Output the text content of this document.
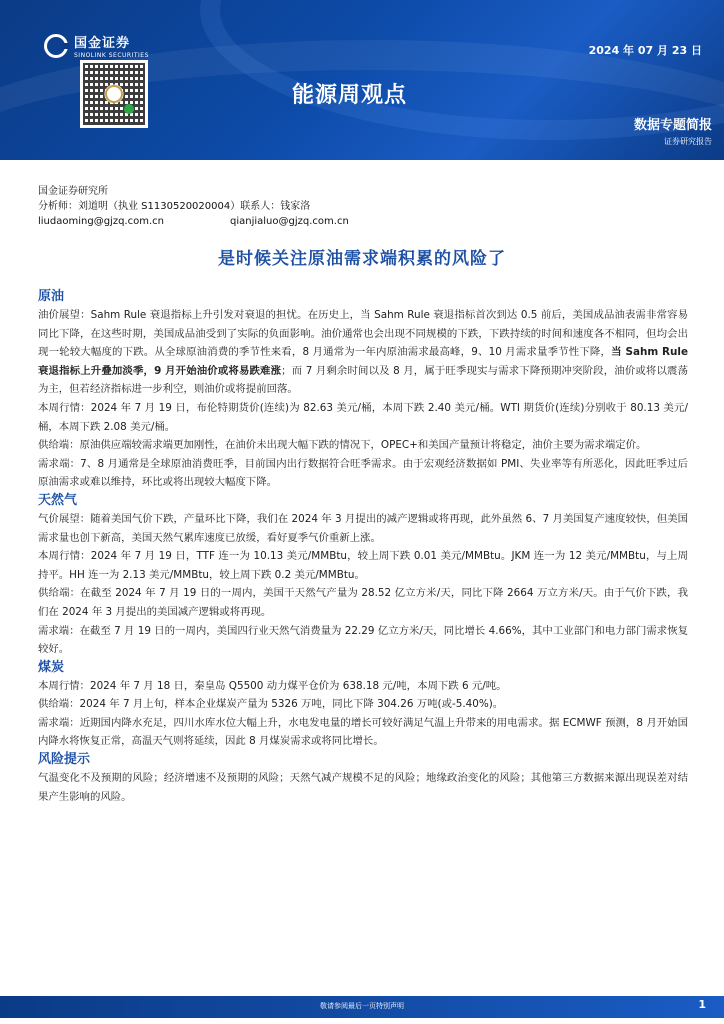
国金证券
SINOLINK SECURITIES	2024 年 07 月 23 日
能源周观点
数据专题简报
证券研究报告
国金证券研究所
分析师：刘道明（执业 S1130520020004）联系人：钱家洛
liudaoming@gjzq.com.cn	qianjialuo@gjzq.com.cn
是时候关注原油需求端积累的风险了
原油

油价展望：Sahm Rule 衰退指标上升引发对衰退的担忧。在历史上，当 Sahm Rule 衰退指标首次到达 0.5 前后，美国成品油表需非常容易同比下降，在这些时期，美国成品油受到了实际的负面影响。油价通常也会出现不同规模的下跌，下跌持续的时间和速度各不相同，但均会出现一轮较大幅度的下跌。从全球原油消费的季节性来看，8 月通常为一年内原油需求最高峰，9、10 月需求量季节性下降，当 Sahm Rule 衰退指标上升叠加淡季，9 月开始油价或将易跌难涨；而 7 月剩余时间以及 8 月，属于旺季现实与需求下降预期冲突阶段，油价或将以震荡为主，但若经济指标进一步利空，则油价或将提前回落。

本周行情：2024 年 7 月 19 日，布伦特期货价(连续)为 82.63 美元/桶，本周下跌 2.40 美元/桶。WTI 期货价(连续)分别收于 80.13 美元/桶，本周下跌 2.08 美元/桶。

供给端：原油供应端较需求端更加刚性，在油价未出现大幅下跌的情况下，OPEC+和美国产量预计将稳定，油价主要为需求端定价。

需求端：7、8 月通常是全球原油消费旺季，目前国内出行数据符合旺季需求。由于宏观经济数据如 PMI、失业率等有所恶化，因此旺季过后原油需求或难以维持，环比或将出现较大幅度下降。

天然气

气价展望：随着美国气价下跌，产量环比下降，我们在 2024 年 3 月提出的减产逻辑或将再现，此外虽然 6、7 月美国复产速度较快，但美国需求量也创下新高，美国天然气累库速度已放缓，看好夏季气价重新上涨。

本周行情：2024 年 7 月 19 日，TTF 连一为 10.13 美元/MMBtu，较上周下跌 0.01 美元/MMBtu。JKM 连一为 12 美元/MMBtu，与上周持平。HH 连一为 2.13 美元/MMBtu，较上周下跌 0.2 美元/MMBtu。

供给端：在截至 2024 年 7 月 19 日的一周内，美国干天然气产量为 28.52 亿立方米/天，同比下降 2664 万立方米/天。由于气价下跌，我们在 2024 年 3 月提出的美国减产逻辑或将再现。

需求端：在截至 7 月 19 日的一周内，美国四行业天然气消费量为 22.29 亿立方米/天，同比增长 4.66%，其中工业部门和电力部门需求恢复较好。

煤炭

本周行情：2024 年 7 月 18 日，秦皇岛 Q5500 动力煤平仓价为 638.18 元/吨，本周下跌 6 元/吨。

供给端：2024 年 7 月上旬，样本企业煤炭产量为 5326 万吨，同比下降 304.26 万吨(或-5.40%)。

需求端：近期国内降水充足，四川水库水位大幅上升，水电发电量的增长可较好满足气温上升带来的用电需求。据 ECMWF 预测，8 月开始国内降水将恢复正常，高温天气则将延续，因此 8 月煤炭需求或将同比增长。

风险提示

气温变化不及预期的风险；经济增速不及预期的风险；天然气减产规模不足的风险；地缘政治变化的风险；其他第三方数据来源出现误差对结果产生影响的风险。

敬请参阅最后一页特别声明	1
